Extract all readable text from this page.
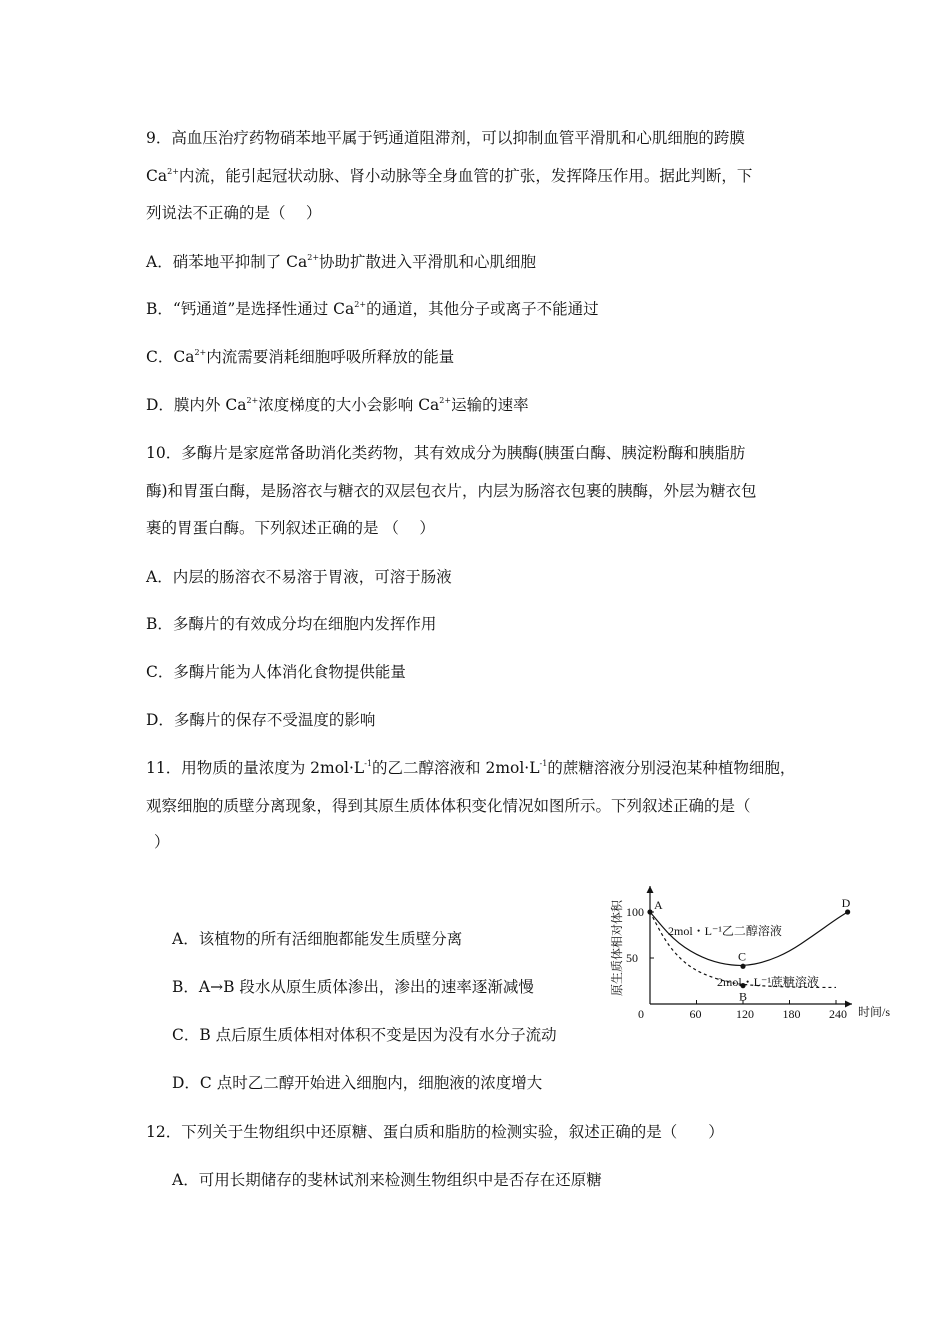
9．高血压治疗药物硝苯地平属于钙通道阻滞剂，可以抑制血管平滑肌和心肌细胞的跨膜
$Ca^{2+}$内流，能引起冠状动脉、肾小动脉等全身血管的扩张，发挥降压作用。据此判断，下
列说法不正确的是（　 ）
A．硝苯地平抑制了 $Ca^{2+}$协助扩散进入平滑肌和心肌细胞
B．“钙通道”是选择性通过 $Ca^{2+}$的通道，其他分子或离子不能通过
C．$Ca^{2+}$内流需要消耗细胞呼吸所释放的能量
D．膜内外 $Ca^{2+}$浓度梯度的大小会影响 $Ca^{2+}$运输的速率
10．多酶片是家庭常备助消化类药物，其有效成分为胰酶(胰蛋白酶、胰淀粉酶和胰脂肪
酶)和胃蛋白酶，是肠溶衣与糖衣的双层包衣片，内层为肠溶衣包裹的胰酶，外层为糖衣包
裹的胃蛋白酶。下列叙述正确的是 （　 ）
A．内层的肠溶衣不易溶于胃液，可溶于肠液
B．多酶片的有效成分均在细胞内发挥作用
C．多酶片能为人体消化食物提供能量
D．多酶片的保存不受温度的影响
11．用物质的量浓度为 $2mol\cdot L^{-1}$的乙二醇溶液和 $2mol\cdot L^{-1}$的蔗糖溶液分别浸泡某种植物细胞，
观察细胞的质壁分离现象，得到其原生质体体积变化情况如图所示。下列叙述正确的是（
）
A．该植物的所有活细胞都能发生质壁分离
B．A→B 段水从原生质体渗出，渗出的速率逐渐减慢
C．B 点后原生质体相对体积不变是因为没有水分子流动
D．C 点时乙二醇开始进入细胞内，细胞液的浓度增大
60	120 180 240
50
100 A
B
C
D
0	时间/s
原生质体相对体积	2mol・L⁻¹乙二醇溶液
2mol・L⁻¹蔗糖溶液
12．下列关于生物组织中还原糖、蛋白质和脂肪的检测实验，叙述正确的是（　　）
A．可用长期储存的斐林试剂来检测生物组织中是否存在还原糖
